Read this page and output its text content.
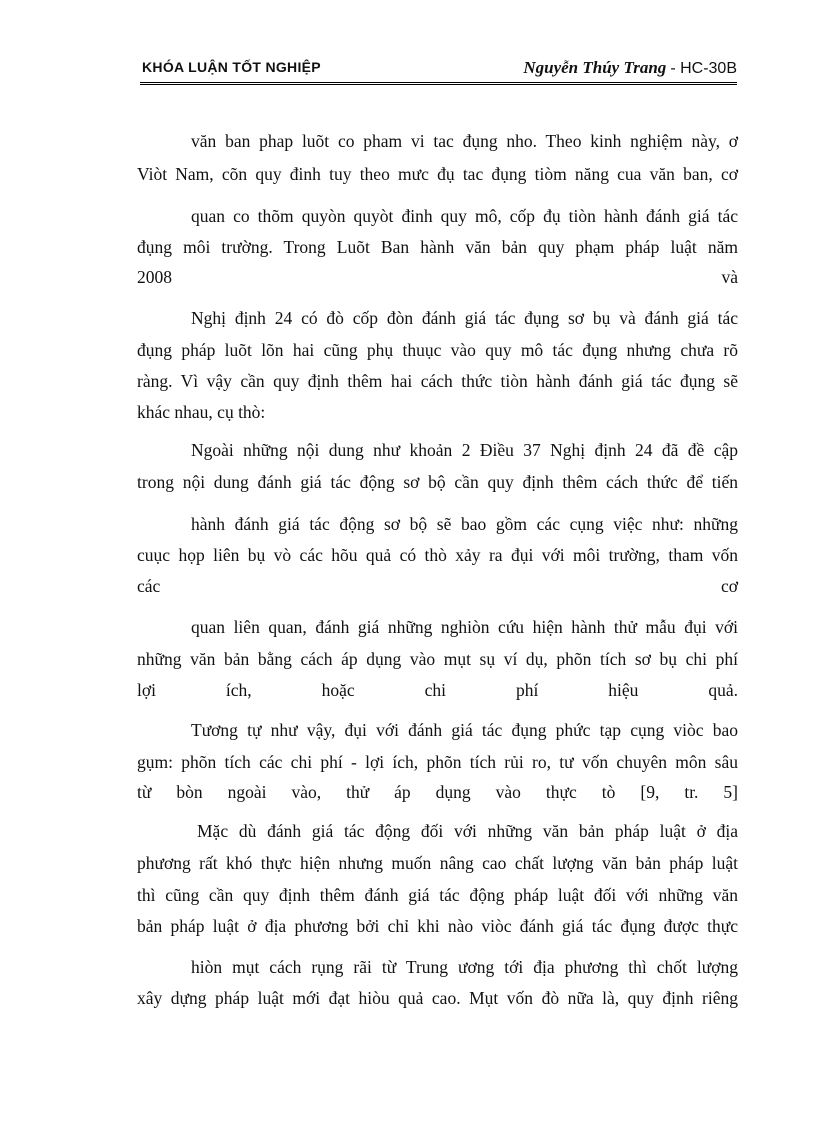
KHÓA LUẬN TỐT NGHIỆP	Nguyễn Thúy Trang - HC-30B
văn ban phap luõt co pham vi tac đụng nho. Theo kinh nghiệm này, ơ
Viòt Nam, cõn quy đinh tuy theo mưc đụ tac đụng tiòm năng cua văn ban, cơ
quan co thõm quyòn quyòt đinh quy mô, cốp đụ tiòn hành đánh giá tác
đụng môi trường. Trong Luõt Ban hành văn bản quy phạm pháp luật năm
2008	và
Nghị định 24 có đò cốp đòn đánh giá tác đụng sơ bụ và đánh giá tác
đụng pháp luõt lõn hai cũng phụ thuục vào quy mô tác đụng nhưng chưa rõ
ràng. Vì vậy cần quy định thêm hai cách thức tiòn hành đánh giá tác đụng sẽ
khác nhau, cụ thò:
Ngoài những nội dung như khoản 2 Điều 37 Nghị định 24 đã đề cập
trong nội dung đánh giá tác động sơ bộ cần quy định thêm cách thức để tiến
hành đánh giá tác động sơ bộ sẽ bao gồm các cụng việc như: những
cuục họp liên bụ vò các hõu quả có thò xảy ra đụi với môi trường, tham vốn
các	cơ
quan liên quan, đánh giá những nghiòn cứu hiện hành thử mẫu đụi với
những văn bản bằng cách áp dụng vào mụt sụ ví dụ, phõn tích sơ bụ chi phí
lợi	ích,	hoặc	chi	phí	hiệu	quả.
Tương tự như vậy, đụi với đánh giá tác đụng phức tạp cụng viòc bao
gụm: phõn tích các chi phí - lợi ích, phõn tích rủi ro, tư vốn chuyên môn sâu
từ bòn ngoài vào, thử áp dụng vào thực tò [9, tr. 5]
Mặc dù đánh giá tác động đối với những văn bản pháp luật ở địa
phương rất khó thực hiện nhưng muốn nâng cao chất lượng văn bản pháp luật
thì cũng cần quy định thêm đánh giá tác động pháp luật đối với những văn
bản pháp luật ở địa phương bởi chỉ khi nào viòc đánh giá tác đụng được thực
hiòn mụt cách rụng rãi từ Trung ương tới địa phương thì chốt lượng
xây dựng pháp luật mới đạt hiòu quả cao. Mụt vốn đò nữa là, quy định riêng
